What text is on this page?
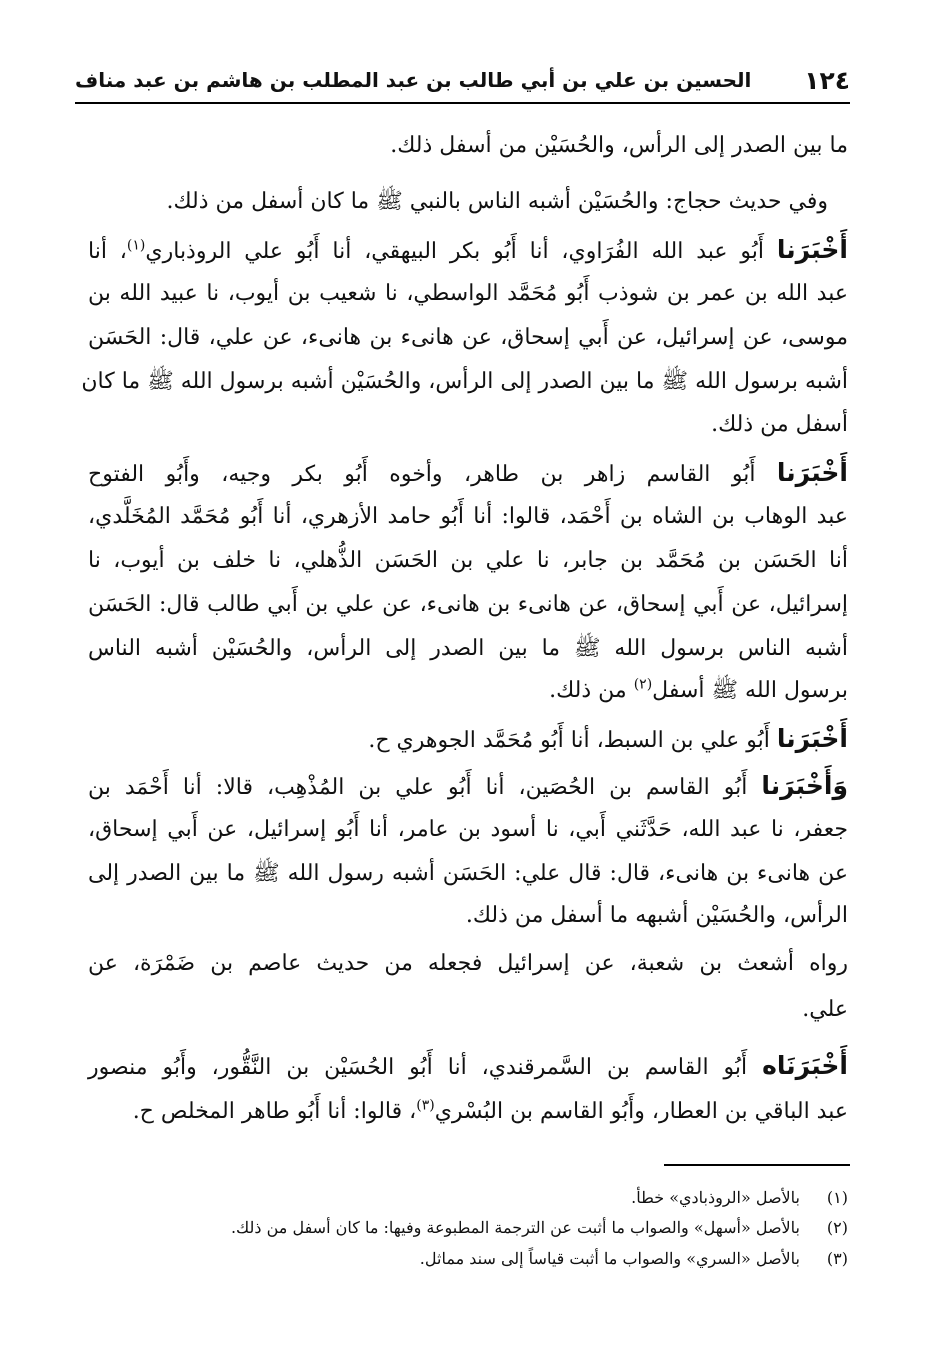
١٢٤
الحسين بن علي بن أبي طالب بن عبد المطلب بن هاشم بن عبد مناف
ما بين الصدر إلى الرأس، والحُسَيْن من أسفل ذلك.
وفي حديث حجاج: والحُسَيْن أشبه الناس بالنبي ﷺ ما كان أسفل من ذلك.
أَخْبَرَنا أَبُو عبد الله الفُرَاوي، أنا أَبُو بكر البيهقي، أنا أَبُو علي الروذباري$^{(١)}$، أنا
عبد الله بن عمر بن شوذب أَبُو مُحَمَّد الواسطي، نا شعيب بن أيوب، نا عبيد الله بن
موسى، عن إسرائيل، عن أَبي إسحاق، عن هانىء بن هانىء، عن علي، قال: الحَسَن
أشبه برسول الله ﷺ ما بين الصدر إلى الرأس، والحُسَيْن أشبه برسول الله ﷺ ما كان
أسفل من ذلك.
أَخْبَرَنا أَبُو القاسم زاهر بن طاهر، وأخوه أَبُو بكر وجيه، وأَبُو الفتوح
عبد الوهاب بن الشاه بن أَحْمَد، قالوا: أنا أَبُو حامد الأزهري، أنا أَبُو مُحَمَّد المُخَلَّدي،
أنا الحَسَن بن مُحَمَّد بن جابر، نا علي بن الحَسَن الذُّهلي، نا خلف بن أيوب، نا
إسرائيل، عن أَبي إسحاق، عن هانىء بن هانىء، عن علي بن أَبي طالب قال: الحَسَن
أشبه الناس برسول الله ﷺ ما بين الصدر إلى الرأس، والحُسَيْن أشبه الناس
برسول الله ﷺ أسفل$^{(٢)}$ من ذلك.
أَخْبَرَنا أَبُو علي بن السبط، أنا أَبُو مُحَمَّد الجوهري ح.
وَأَخْبَرَنا أَبُو القاسم بن الحُصَين، أنا أَبُو علي بن المُذْهِب، قالا: أنا أَحْمَد بن
جعفر، نا عبد الله، حَدَّثَني أَبي، نا أسود بن عامر، أنا أَبُو إسرائيل، عن أَبي إسحاق،
عن هانىء بن هانىء، قال: قال علي: الحَسَن أشبه رسول الله ﷺ ما بين الصدر إلى
الرأس، والحُسَيْن أشبهه ما أسفل من ذلك.
رواه أشعث بن شعبة، عن إسرائيل فجعله من حديث عاصم بن ضَمْرَة، عن
علي.
أَخْبَرَنَاه أَبُو القاسم بن السَّمرقندي، أنا أَبُو الحُسَيْن بن النَّقُّور، وأَبُو منصور
عبد الباقي بن العطار، وأَبُو القاسم بن البُسْري$^{(٣)}$، قالوا: أنا أَبُو طاهر المخلص ح.
(١)بالأصل «الروذبادي» خطأ.
(٢)بالأصل «أسهل» والصواب ما أثبت عن الترجمة المطبوعة وفيها: ما كان أسفل من ذلك.
(٣)بالأصل «السري» والصواب ما أثبت قياساً إلى سند مماثل.
